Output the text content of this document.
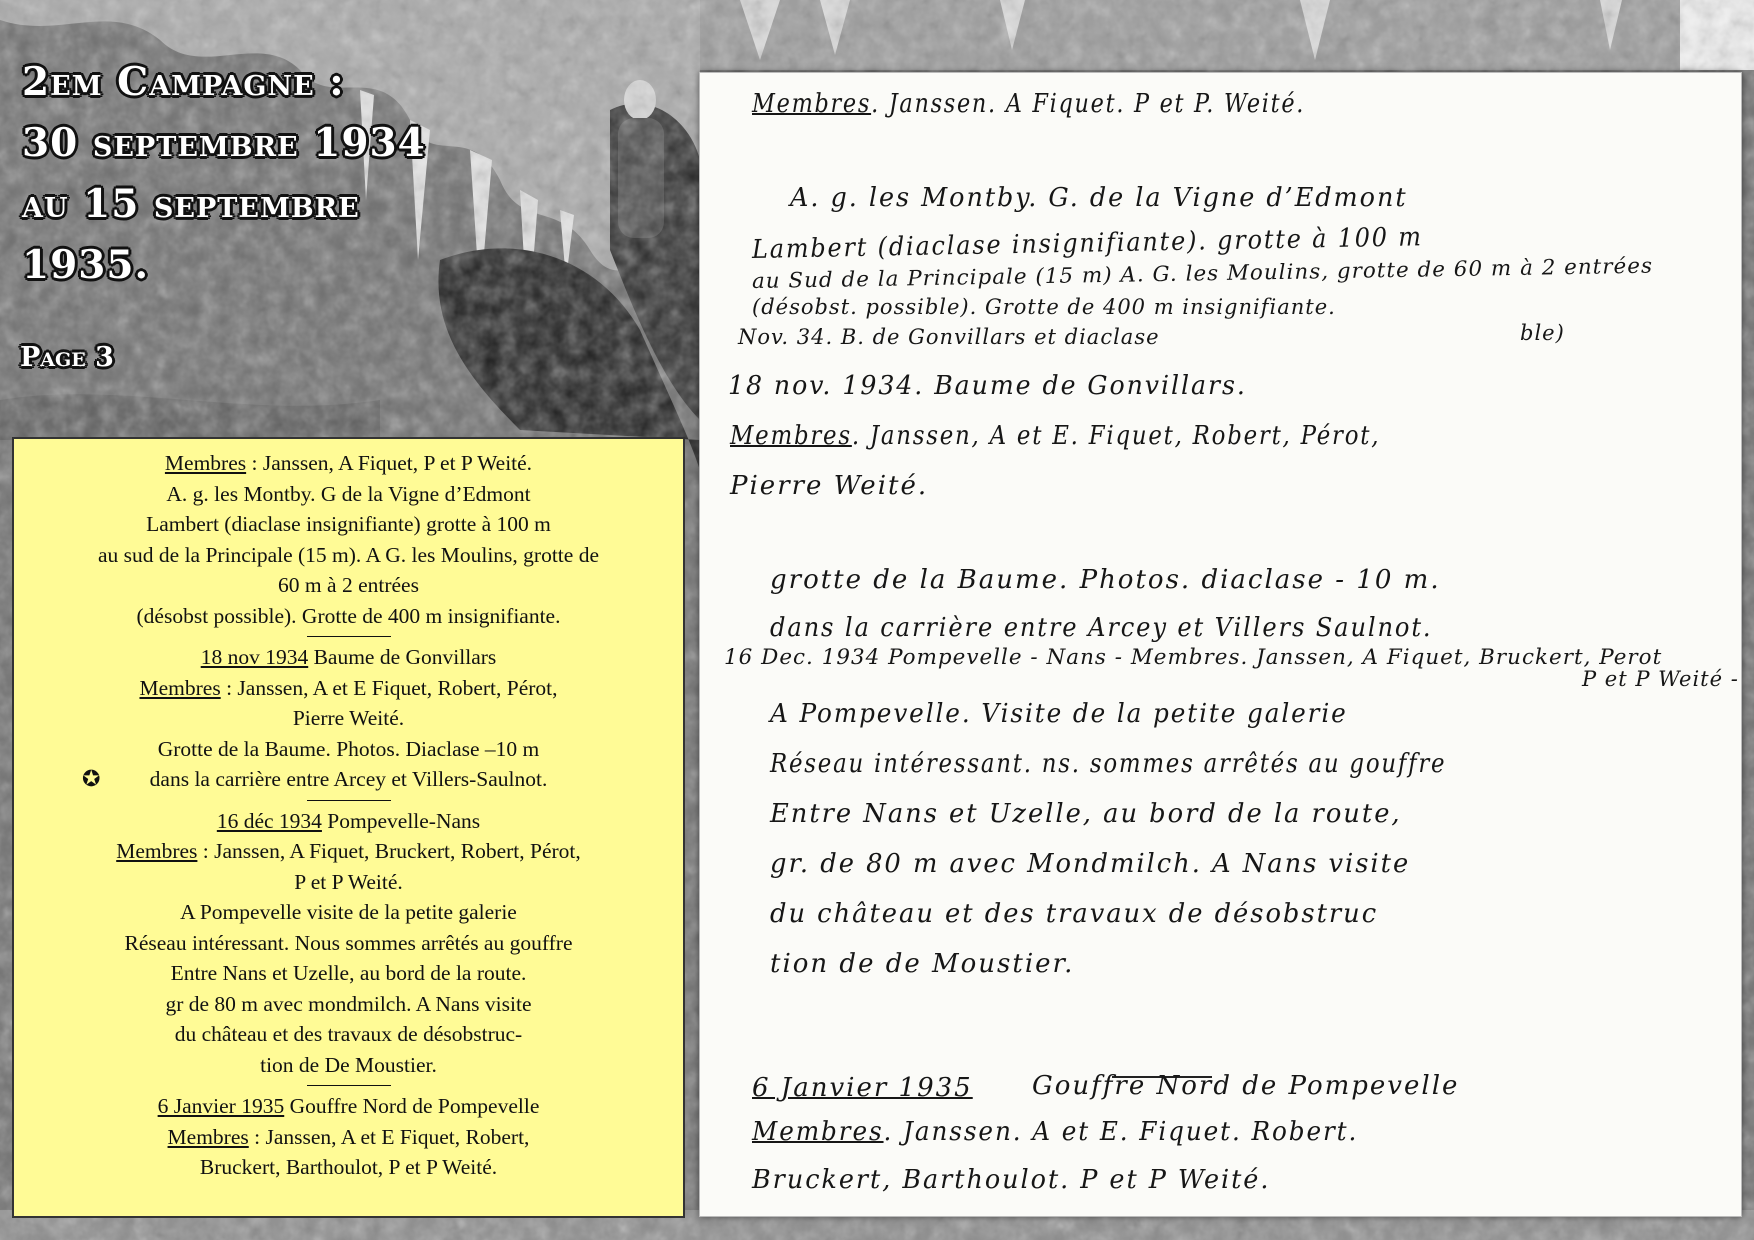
2em Campagne :
30 septembre 1934
au 15 septembre
1935.
Page 3
Membres : Janssen, A Fiquet, P et P Weité.
A. g. les Montby. G de la Vigne d’Edmont
Lambert (diaclase insignifiante) grotte à 100 m
au sud de la Principale (15 m). A G. les Moulins, grotte de
60 m à 2 entrées
(désobst possible). Grotte de 400 m insignifiante.
18 nov 1934 Baume de Gonvillars
Membres : Janssen, A et E Fiquet, Robert, Pérot,
Pierre Weité.
Grotte de la Baume. Photos. Diaclase –10 m
✪ dans la carrière entre Arcey et Villers-Saulnot.
16 déc 1934 Pompevelle-Nans
Membres : Janssen, A Fiquet, Bruckert, Robert, Pérot,
P et P Weité.
A Pompevelle visite de la petite galerie
Réseau intéressant. Nous sommes arrêtés au gouffre
Entre Nans et Uzelle, au bord de la route.
gr de 80 m avec mondmilch. A Nans visite
du château et des travaux de désobstruc-
tion de De Moustier.
6 Janvier 1935 Gouffre Nord de Pompevelle
Membres : Janssen, A et E Fiquet, Robert,
Bruckert, Barthoulot, P et P Weité.
Membres. Janssen. A Fiquet. P et P. Weité.
A. g. les Montby. G. de la Vigne d’Edmont
Lambert (diaclase insignifiante). grotte à 100 m
au Sud de la Principale (15 m) A. G. les Moulins, grotte de 60 m à 2 entrées
(désobst. possible). Grotte de 400 m insignifiante.
Nov. 34. B. de Gonvillars et diaclase	ble)
18 nov. 1934. Baume de Gonvillars.
Membres. Janssen, A et E. Fiquet, Robert, Pérot,
Pierre Weité.
grotte de la Baume. Photos. diaclase - 10 m.
dans la carrière entre Arcey et Villers Saulnot.
16 Dec. 1934 Pompevelle - Nans - Membres. Janssen, A Fiquet, Bruckert, Perot
P et P Weité -
A Pompevelle. Visite de la petite galerie
Réseau intéressant. ns. sommes arrêtés au gouffre
Entre Nans et Uzelle, au bord de la route,
gr. de 80 m avec Mondmilch. A Nans visite
du château et des travaux de désobstruc
tion de de Moustier.
6 Janvier 1935 Gouffre Nord de Pompevelle
Membres. Janssen. A et E. Fiquet. Robert.
Bruckert, Barthoulot. P et P Weité.
